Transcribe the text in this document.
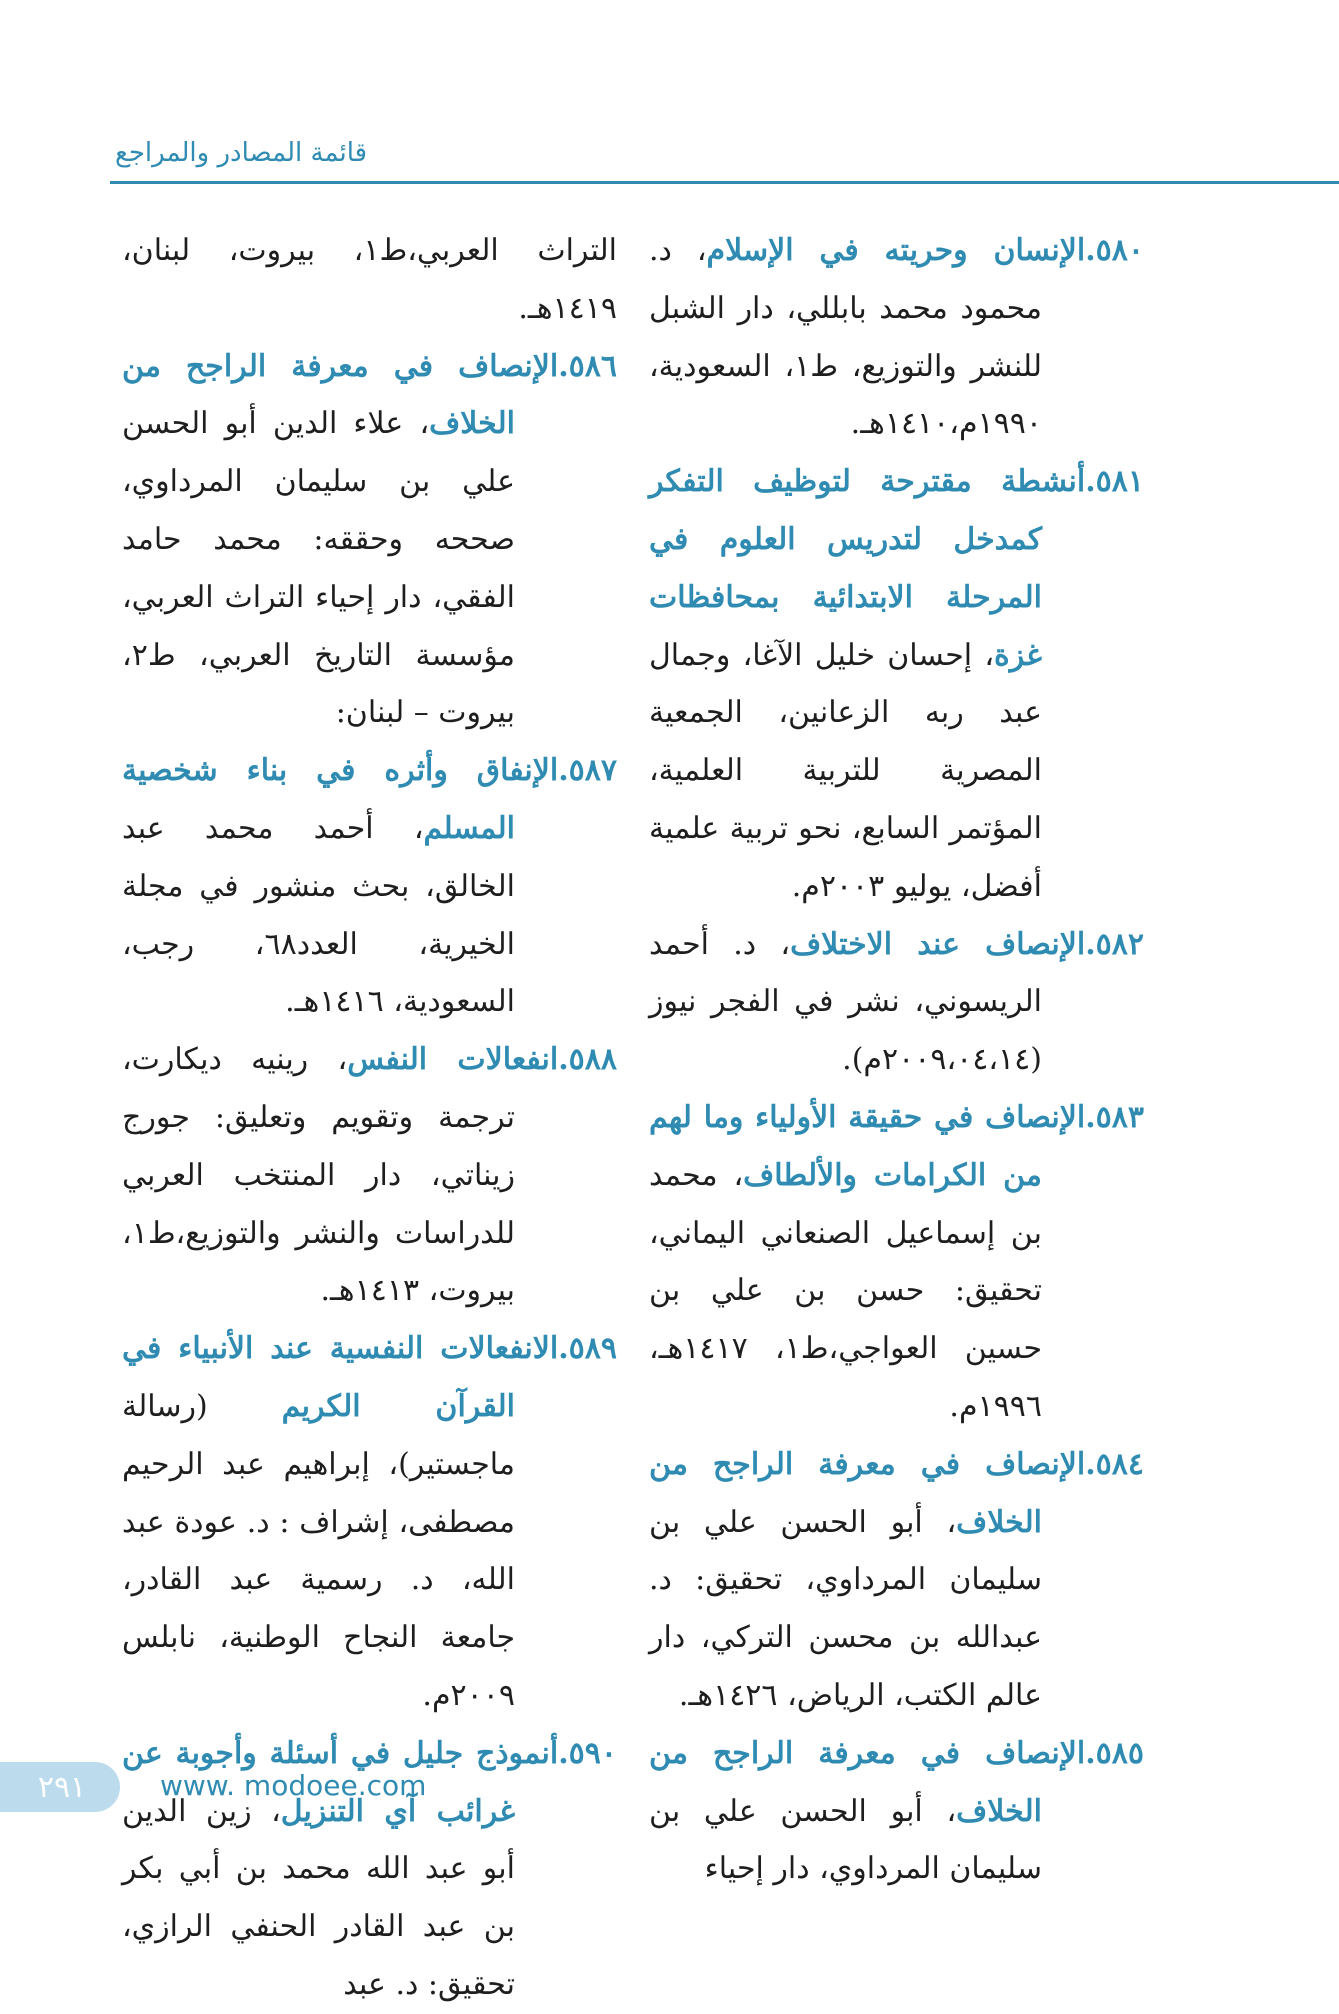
قائمة المصادر والمراجع

٥٨٠.الإنسان وحريته في الإسلام، د. محمود محمد بابللي، دار الشبل للنشر والتوزيع، ط١، السعودية، ١٩٩٠م،١٤١٠هـ.

٥٨١.أنشطة مقترحة لتوظيف التفكر كمدخل لتدريس العلوم في المرحلة الابتدائية بمحافظات غزة، إحسان خليل الآغا، وجمال عبد ربه الزعانين، الجمعية المصرية للتربية العلمية، المؤتمر السابع، نحو تربية علمية أفضل، يوليو ٢٠٠٣م.

٥٨٢.الإنصاف عند الاختلاف، د. أحمد الريسوني، نشر في الفجر نيوز (٢٠٠٩،٠٤،١٤م).

٥٨٣.الإنصاف في حقيقة الأولياء وما لهم من الكرامات والألطاف، محمد بن إسماعيل الصنعاني اليماني، تحقيق: حسن بن علي بن حسين العواجي،ط١، ١٤١٧هـ، ١٩٩٦م.

٥٨٤.الإنصاف في معرفة الراجح من الخلاف، أبو الحسن علي بن سليمان المرداوي، تحقيق: د. عبدالله بن محسن التركي، دار عالم الكتب، الرياض، ١٤٢٦هـ.

٥٨٥.الإنصاف في معرفة الراجح من الخلاف، أبو الحسن علي بن سليمان المرداوي، دار إحياء

التراث العربي،ط١، بيروت، لبنان، ١٤١٩هـ.

٥٨٦.الإنصاف في معرفة الراجح من الخلاف، علاء الدين أبو الحسن علي بن سليمان المرداوي، صححه وحققه: محمد حامد الفقي، دار إحياء التراث العربي، مؤسسة التاريخ العربي، ط٢، بيروت – لبنان:

٥٨٧.الإنفاق وأثره في بناء شخصية المسلم، أحمد محمد عبد الخالق، بحث منشور في مجلة الخيرية، العدد٦٨، رجب، السعودية، ١٤١٦هـ.

٥٨٨.انفعالات النفس، رينيه ديكارت، ترجمة وتقويم وتعليق: جورج زيناتي، دار المنتخب العربي للدراسات والنشر والتوزيع،ط١، بيروت، ١٤١٣هـ.

٥٨٩.الانفعالات النفسية عند الأنبياء في القرآن الكريم (رسالة ماجستير)، إبراهيم عبد الرحيم مصطفى، إشراف : د. عودة عبد الله، د. رسمية عبد القادر، جامعة النجاح الوطنية، نابلس ٢٠٠٩م.

٥٩٠.أنموذج جليل في أسئلة وأجوبة عن غرائب آي التنزيل، زين الدين أبو عبد الله محمد بن أبي بكر بن عبد القادر الحنفي الرازي، تحقيق: د. عبد

٢٩١	www. modoee.com
